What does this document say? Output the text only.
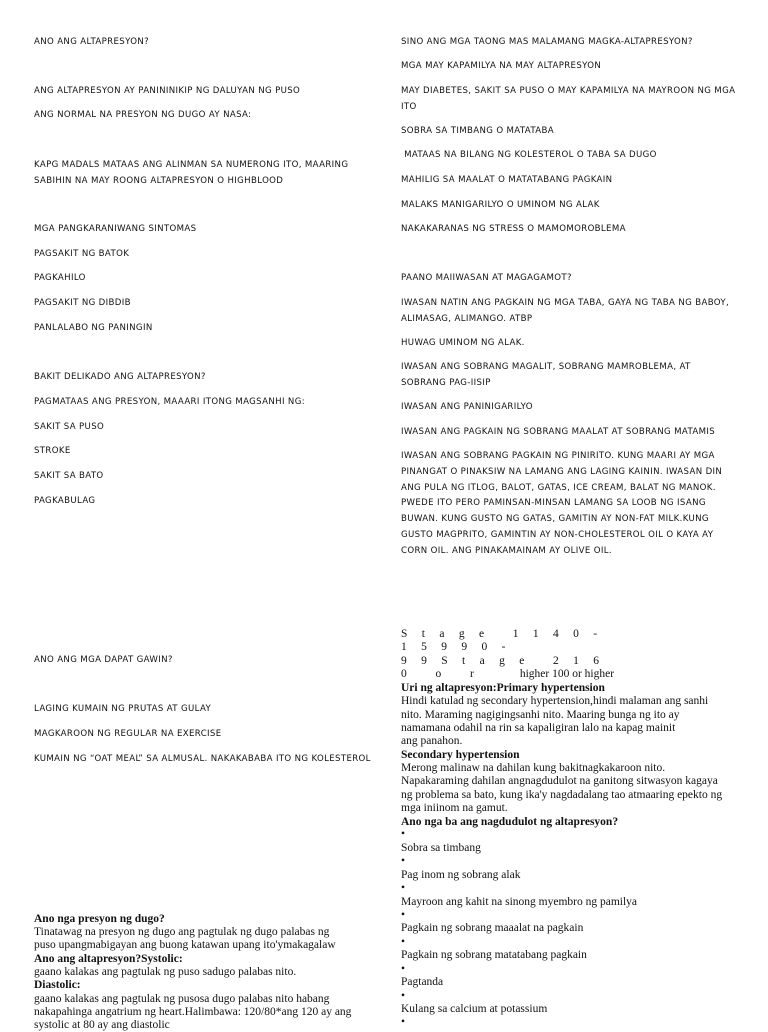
ANO ANG ALTAPRESYON?
ANG ALTAPRESYON AY PANININIKIP NG DALUYAN NG PUSO
ANG NORMAL NA PRESYON NG DUGO AY NASA:
KAPG MADALS MATAAS ANG ALINMAN SA NUMERONG ITO, MAARING SABIHIN NA MAY ROONG ALTAPRESYON O HIGHBLOOD
MGA PANGKARANIWANG SINTOMAS
PAGSAKIT NG BATOK
PAGKAHILO
PAGSAKIT NG DIBDIB
PANLALABO NG PANINGIN
BAKIT DELIKADO ANG ALTAPRESYON?
PAGMATAAS ANG PRESYON, MAAARI ITONG MAGSANHI NG:
SAKIT SA PUSO
STROKE
SAKIT SA BATO
PAGKABULAG
ANO ANG MGA DAPAT GAWIN?
LAGING KUMAIN NG PRUTAS AT GULAY
MAGKAROON NG REGULAR NA EXERCISE
KUMAIN NG “OAT MEAL” SA ALMUSAL. NAKAKABABA ITO NG KOLESTEROL
SINO ANG MGA TAONG MAS MALAMANG MAGKA-ALTAPRESYON?
MGA MAY KAPAMILYA NA MAY ALTAPRESYON
MAY DIABETES, SAKIT SA PUSO O MAY KAPAMILYA NA MAYROON NG MGA ITO
SOBRA SA TIMBANG O MATATABA
MATAAS NA BILANG NG KOLESTEROL O TABA SA DUGO
MAHILIG SA MAALAT O MATATABANG PAGKAIN
MALAKS MANIGARILYO O UMINOM NG ALAK
NAKAKARANAS NG STRESS O MAMOMOROBLEMA
PAANO MAIIWASAN AT MAGAGAMOT?
IWASAN NATIN ANG PAGKAIN NG MGA TABA, GAYA NG TABA NG BABOY, ALIMASAG, ALIMANGO. ATBP
HUWAG UMINOM NG ALAK.
IWASAN ANG SOBRANG MAGALIT, SOBRANG MAMROBLEMA, AT  SOBRANG PAG-IISIP
IWASAN ANG PANINIGARILYO
IWASAN ANG PAGKAIN NG SOBRANG MAALAT AT SOBRANG MATAMIS
IWASAN ANG SOBRANG PAGKAIN NG PINIRITO. KUNG MAARI AY MGA PINANGAT O PINAKSIW NA LAMANG ANG LAGING KAININ. IWASAN DIN ANG PULA NG ITLOG, BALOT, GATAS, ICE CREAM, BALAT NG MANOK. PWEDE ITO PERO PAMINSAN-MINSAN LAMANG SA LOOB NG ISANG BUWAN. KUNG GUSTO NG GATAS, GAMITIN AY NON-FAT MILK.KUNG GUSTO MAGPRITO, GAMINTIN AY NON-CHOLESTEROL OIL O KAYA AY CORN OIL. ANG PINAKAMAINAM AY OLIVE OIL.
Ano nga presyon ng dugo?
Tinatawag na presyon ng dugo ang pagtulak ng dugo palabas ng
puso upangmabigayan ang buong katawan upang ito'ymakagalaw
Ano ang altapresyon?Systolic:
gaano kalakas ang pagtulak ng puso sadugo palabas nito.
Diastolic:
gaano kalakas ang pagtulak ng pusosa dugo palabas nito habang
nakapahinga angatrium ng heart.Halimbawa: 120/80*ang 120 ay ang
systolic at 80 ay ang diastolic
S     t     a     g     e          1     1     4     0     -
1     5     9     9     0     -
9     9     S     t     a     g     e          2     1     6
0          o          r                higher 100 or higher
Uri ng altapresyon:Primary hypertension
Hindi katulad ng secondary hypertension,hindi malaman ang sanhi
nito. Maraming nagigingsanhi nito. Maaring bunga ng ito ay
namamana odahil na rin sa kapaligiran lalo na kapag mainit
ang panahon.
Secondary hypertension
Merong malinaw na dahilan kung bakitnagkakaroon nito.
Napakaraming dahilan angnagdudulot na ganitong sitwasyon kagaya
ng problema sa bato, kung ika'y nagdadalang tao atmaaring epekto ng
mga iniinom na gamut.
Ano nga ba ang nagdudulot ng altapresyon?
•
Sobra sa timbang
•
Pag inom ng sobrang alak
•
Mayroon ang kahit na sinong myembro ng pamilya
•
Pagkain ng sobrang maaalat na pagkain
•
Pagkain ng sobrang matatabang pagkain
•
Pagtanda
•
Kulang sa calcium at potassium
•
